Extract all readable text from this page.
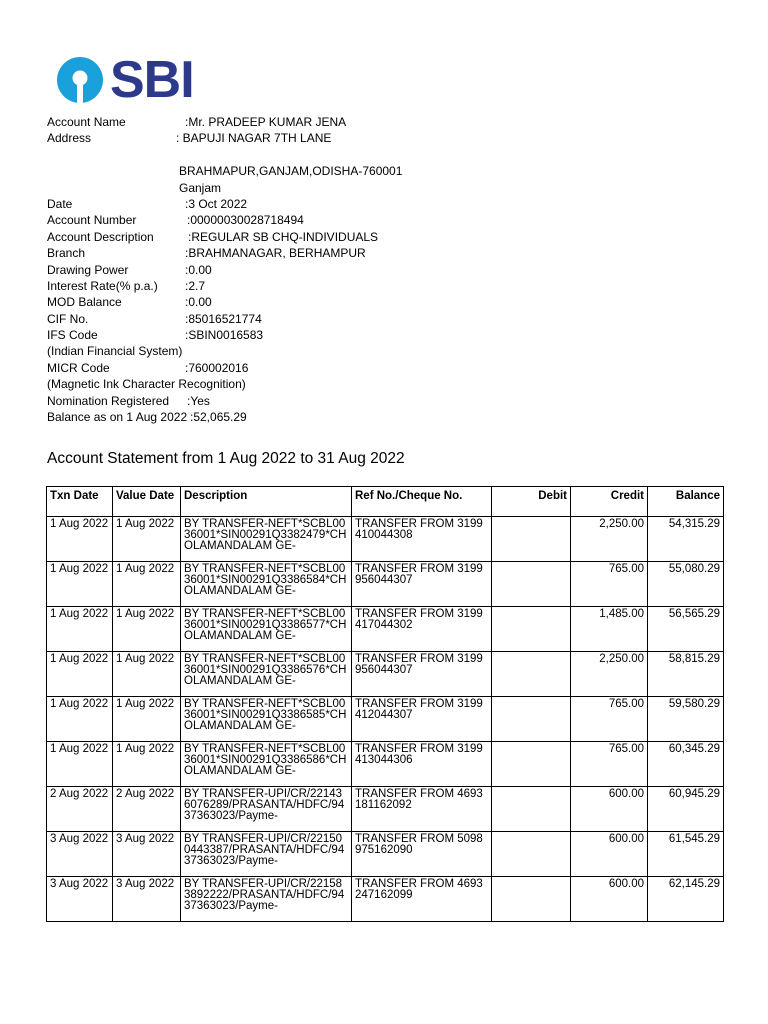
SBI
Account Name	:Mr. PRADEEP KUMAR JENA
Address	: BAPUJI NAGAR 7TH LANE
BRAHMAPUR,GANJAM,ODISHA-760001
Ganjam
Date	:3 Oct 2022
Account Number	:00000030028718494
Account Description	:REGULAR SB CHQ-INDIVIDUALS
Branch	:BRAHMANAGAR, BERHAMPUR
Drawing Power	:0.00
Interest Rate(% p.a.) :2.7
MOD Balance	:0.00
CIF No.	:85016521774
IFS Code	:SBIN0016583
(Indian Financial System)
MICR Code	:760002016
(Magnetic Ink Character Recognition)
Nomination Registered :Yes
Balance as on 1 Aug 2022 :52,065.29
Account Statement from 1 Aug 2022 to 31 Aug 2022
Txn Date	Value Date	Description	Ref No./Cheque No.	Debit	Credit	Balance
1 Aug 2022	1 Aug 2022	BY TRANSFER-NEFT*SCBL0036001*SIN00291Q3382479*CHOLAMANDALAM GE-	TRANSFER FROM 3199410044308		2,250.00	54,315.29
1 Aug 2022	1 Aug 2022	BY TRANSFER-NEFT*SCBL0036001*SIN00291Q3386584*CHOLAMANDALAM GE-	TRANSFER FROM 3199956044307		765.00	55,080.29
1 Aug 2022	1 Aug 2022	BY TRANSFER-NEFT*SCBL0036001*SIN00291Q3386577*CHOLAMANDALAM GE-	TRANSFER FROM 3199417044302		1,485.00	56,565.29
1 Aug 2022	1 Aug 2022	BY TRANSFER-NEFT*SCBL0036001*SIN00291Q3386576*CHOLAMANDALAM GE-	TRANSFER FROM 3199956044307		2,250.00	58,815.29
1 Aug 2022	1 Aug 2022	BY TRANSFER-NEFT*SCBL0036001*SIN00291Q3386585*CHOLAMANDALAM GE-	TRANSFER FROM 3199412044307		765.00	59,580.29
1 Aug 2022	1 Aug 2022	BY TRANSFER-NEFT*SCBL0036001*SIN00291Q3386586*CHOLAMANDALAM GE-	TRANSFER FROM 3199413044306		765.00	60,345.29
2 Aug 2022	2 Aug 2022	BY TRANSFER-UPI/CR/221436076289/PRASANTA/HDFC/9437363023/Payme-	TRANSFER FROM 4693181162092		600.00	60,945.29
3 Aug 2022	3 Aug 2022	BY TRANSFER-UPI/CR/221500443387/PRASANTA/HDFC/9437363023/Payme-	TRANSFER FROM 5098975162090		600.00	61,545.29
3 Aug 2022	3 Aug 2022	BY TRANSFER-UPI/CR/221583892222/PRASANTA/HDFC/9437363023/Payme-	TRANSFER FROM 4693247162099		600.00	62,145.29
